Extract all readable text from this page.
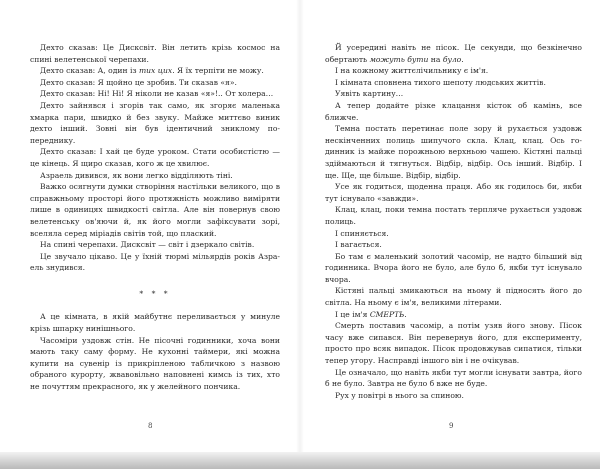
Дехто сказав: Це Дисксвіт. Він летить крізь космос на спині велетенської черепахи.

Дехто сказав: А, один із тих цих. Я їх терпіти не можу.

Дехто сказав: Я щойно це зробив. Ти сказав «я».

Дехто сказав: Ні! Ні! Я ніколи не казав «я»!.. От холера…

Дехто зайнявся і згорів так само, як згоряє маленька хмарка пари, швидко й без звуку. Майже миттєво виник дехто інший. Зовні він був ідентичний зниклому попереднику.

Дехто сказав: І хай це буде уроком. Стати особистістю — це кінець. Я щиро сказав, кого ж це хвилює.

Азраель дивився, як вони легко відділяють тіні.

Важко осягнути думки створіння настільки великого, що в справжньому просторі його протяжність можливо виміряти лише в одиницях швидкості світла. Але він повернув свою велетенську ов'яючи й, як його могли зафіксувати зорі, вселяла серед міріадів світів той, що плаский.

На спині черепахи. Дисксвіт — світ і дзеркало світів.

Це звучало цікаво. Це у їхній тюрмі мільярдів років Азраель знудився.

* * *

А це кімната, в якій майбутнє переливається у минуле крізь шпарку нинішнього.

Часоміри уздовж стін. Не пісочні годинники, хоча вони мають таку саму форму. Не кухонні таймери, які можна купити на сувенір із прикріпленою табличкою з назвою обраного курорту, жвавовільно наповнені кимсь із тих, хто не почуттям прекрасного, як у желейного пончика.

8

Й усередині навіть не пісок. Це секунди, що безкінечно обертають можуть бути на було.

І на кожному життєлічильнику є ім'я.

І кімната сповнена тихого шепоту людських життів.

Уявіть картину…

А тепер додайте різке клацання кісток об камінь, все ближче.

Темна постать перетинає поле зору й рухається уздовж нескінченних полиць шипучого скла. Клац, клац. Ось годинник із майже порожньою верхньою чашею. Кістяні пальці здіймаються й тягнуться. Відбір, відбір. Ось інший. Відбір. І ще. Ще, ще більше. Відбір, відбір.

Усе як годиться, щоденна праця. Або як годилось би, якби тут існувало «завжди».

Клац, клац, поки темна постать терпляче рухається уздовж полиць.

І спиняється.

І вагається.

Бо там є маленький золотий часомір, не надто більший від годинника. Вчора його не було, але було б, якби тут існувало вчора.

Кістяні пальці змикаються на ньому й підносять його до світла. На ньому є ім'я, великими літерами.

І це ім'я СМЕРТЬ.

Смерть поставив часомір, а потім узяв його знову. Пісок часу вже сипався. Він перевернув його, для експерименту, просто про всяк випадок. Пісок продовжував сипатися, тільки тепер угору. Насправді іншого він і не очікував.

Це означало, що навіть якби тут могли існувати завтра, його б не було. Завтра не було б вже не буде.

Рух у повітрі в нього за спиною.

9
